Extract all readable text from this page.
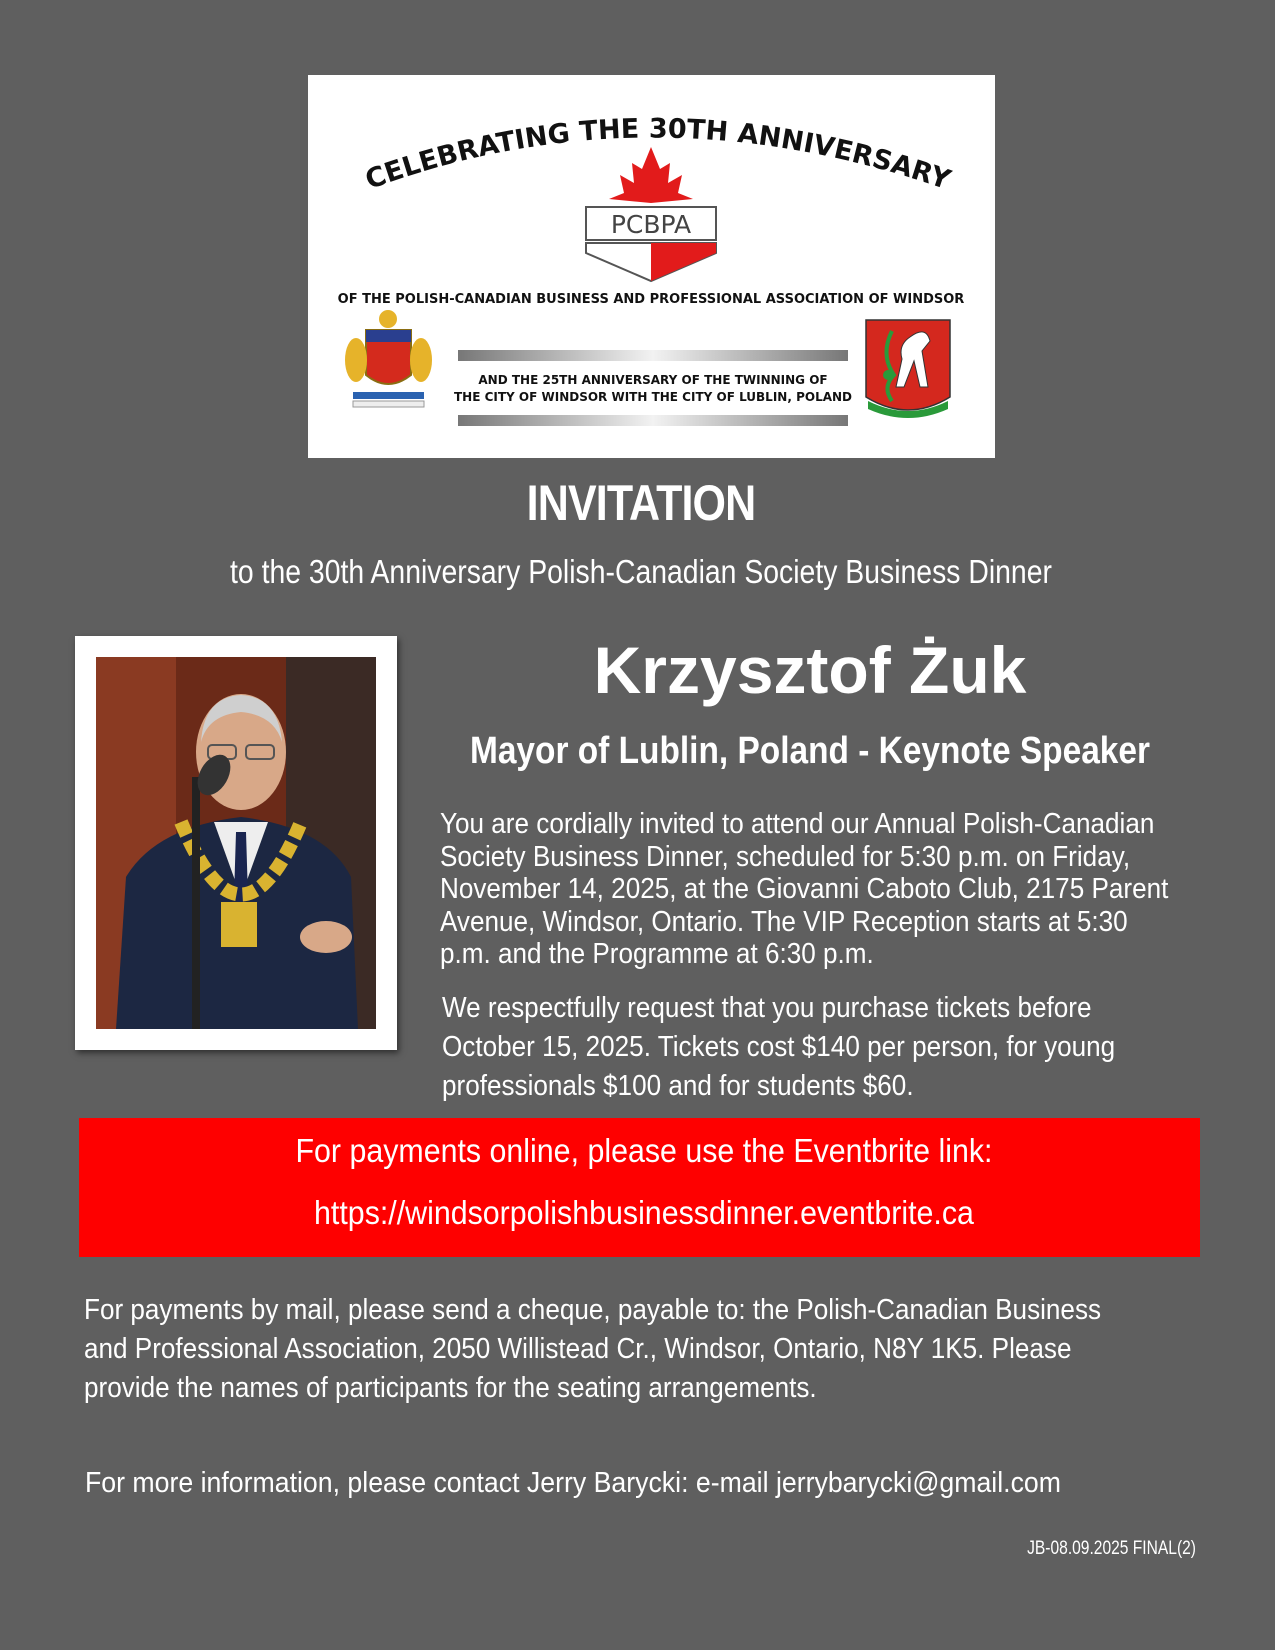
CELEBRATING THE 30TH ANNIVERSARY
PCBPA
OF THE POLISH-CANADIAN BUSINESS AND PROFESSIONAL ASSOCIATION OF WINDSOR
AND THE 25TH ANNIVERSARY OF THE TWINNING OF
THE CITY OF WINDSOR WITH THE CITY OF LUBLIN, POLAND
INVITATION
to the 30th Anniversary Polish-Canadian Society Business Dinner
Krzysztof Żuk
Mayor of Lublin, Poland - Keynote Speaker
You are cordially invited to attend our Annual Polish-Canadian Society Business Dinner, scheduled for 5:30 p.m. on Friday, November 14, 2025, at the Giovanni Caboto Club, 2175 Parent Avenue, Windsor, Ontario. The VIP Reception starts at 5:30 p.m. and the Programme at 6:30 p.m.
We respectfully request that you purchase tickets before October 15, 2025. Tickets cost $140 per person, for young professionals $100 and for students $60.
For payments online, please use the Eventbrite link:
https://windsorpolishbusinessdinner.eventbrite.ca
For payments by mail, please send a cheque, payable to: the Polish-Canadian Business and Professional Association, 2050 Willistead Cr., Windsor, Ontario, N8Y 1K5. Please provide the names of participants for the seating arrangements.
For more information, please contact Jerry Barycki: e-mail jerrybarycki@gmail.com
JB-08.09.2025 FINAL(2)
